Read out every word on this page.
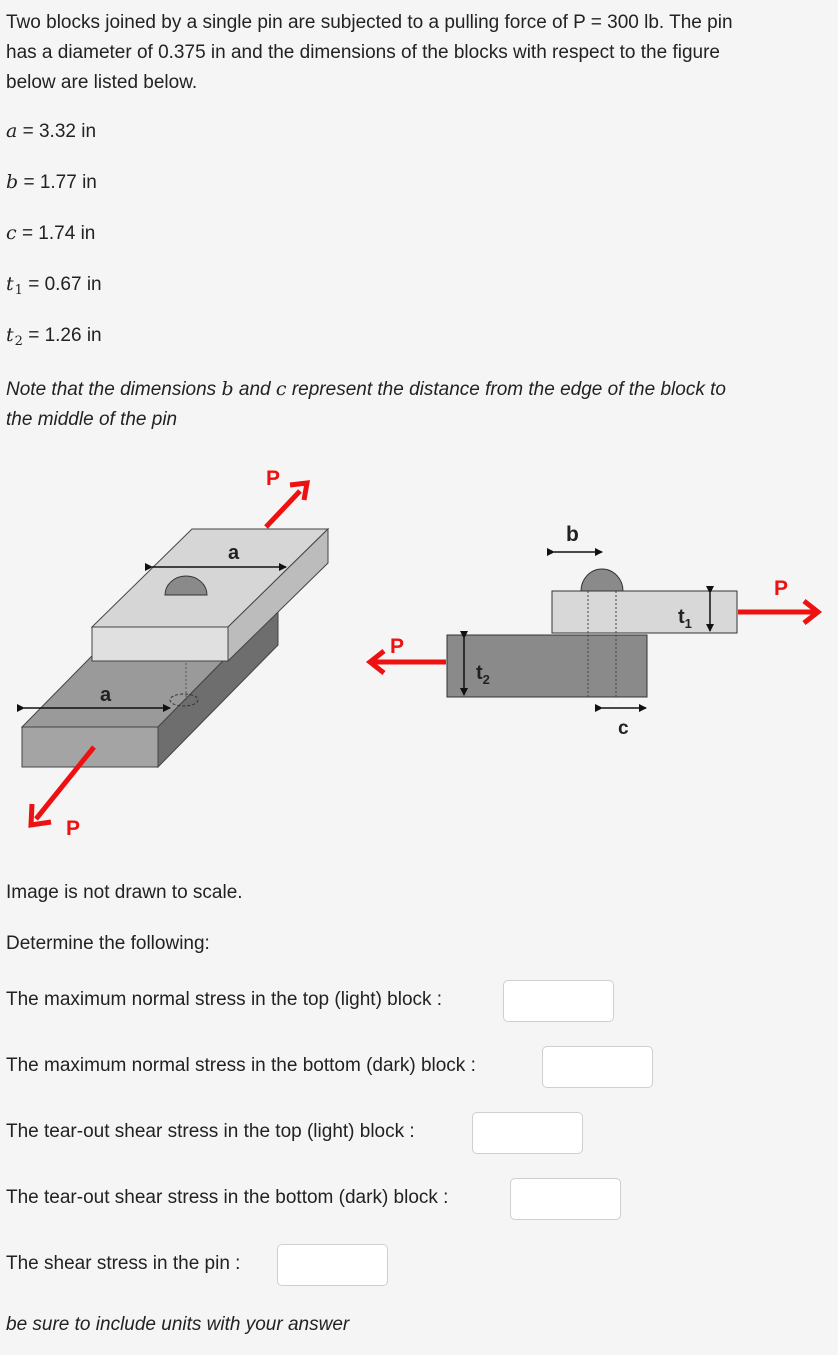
Two blocks joined by a single pin are subjected to a pulling force of P = 300 lb. The pin
has a diameter of 0.375 in and the dimensions of the blocks with respect to the figure
below are listed below.
a = 3.32 in
b = 1.77 in
c = 1.74 in
$t_1 = 0.67$ in
$t_2 = 1.26$ in
Note that the dimensions b and c represent the distance from the edge of the block to
the middle of the pin
a
a
P
P
P
$t_2$
$t_1$
P
b
c
Image is not drawn to scale.
Determine the following:
The maximum normal stress in the top (light) block :
The maximum normal stress in the bottom (dark) block :
The tear-out shear stress in the top (light) block :
The tear-out shear stress in the bottom (dark) block :
The shear stress in the pin :
be sure to include units with your answer
